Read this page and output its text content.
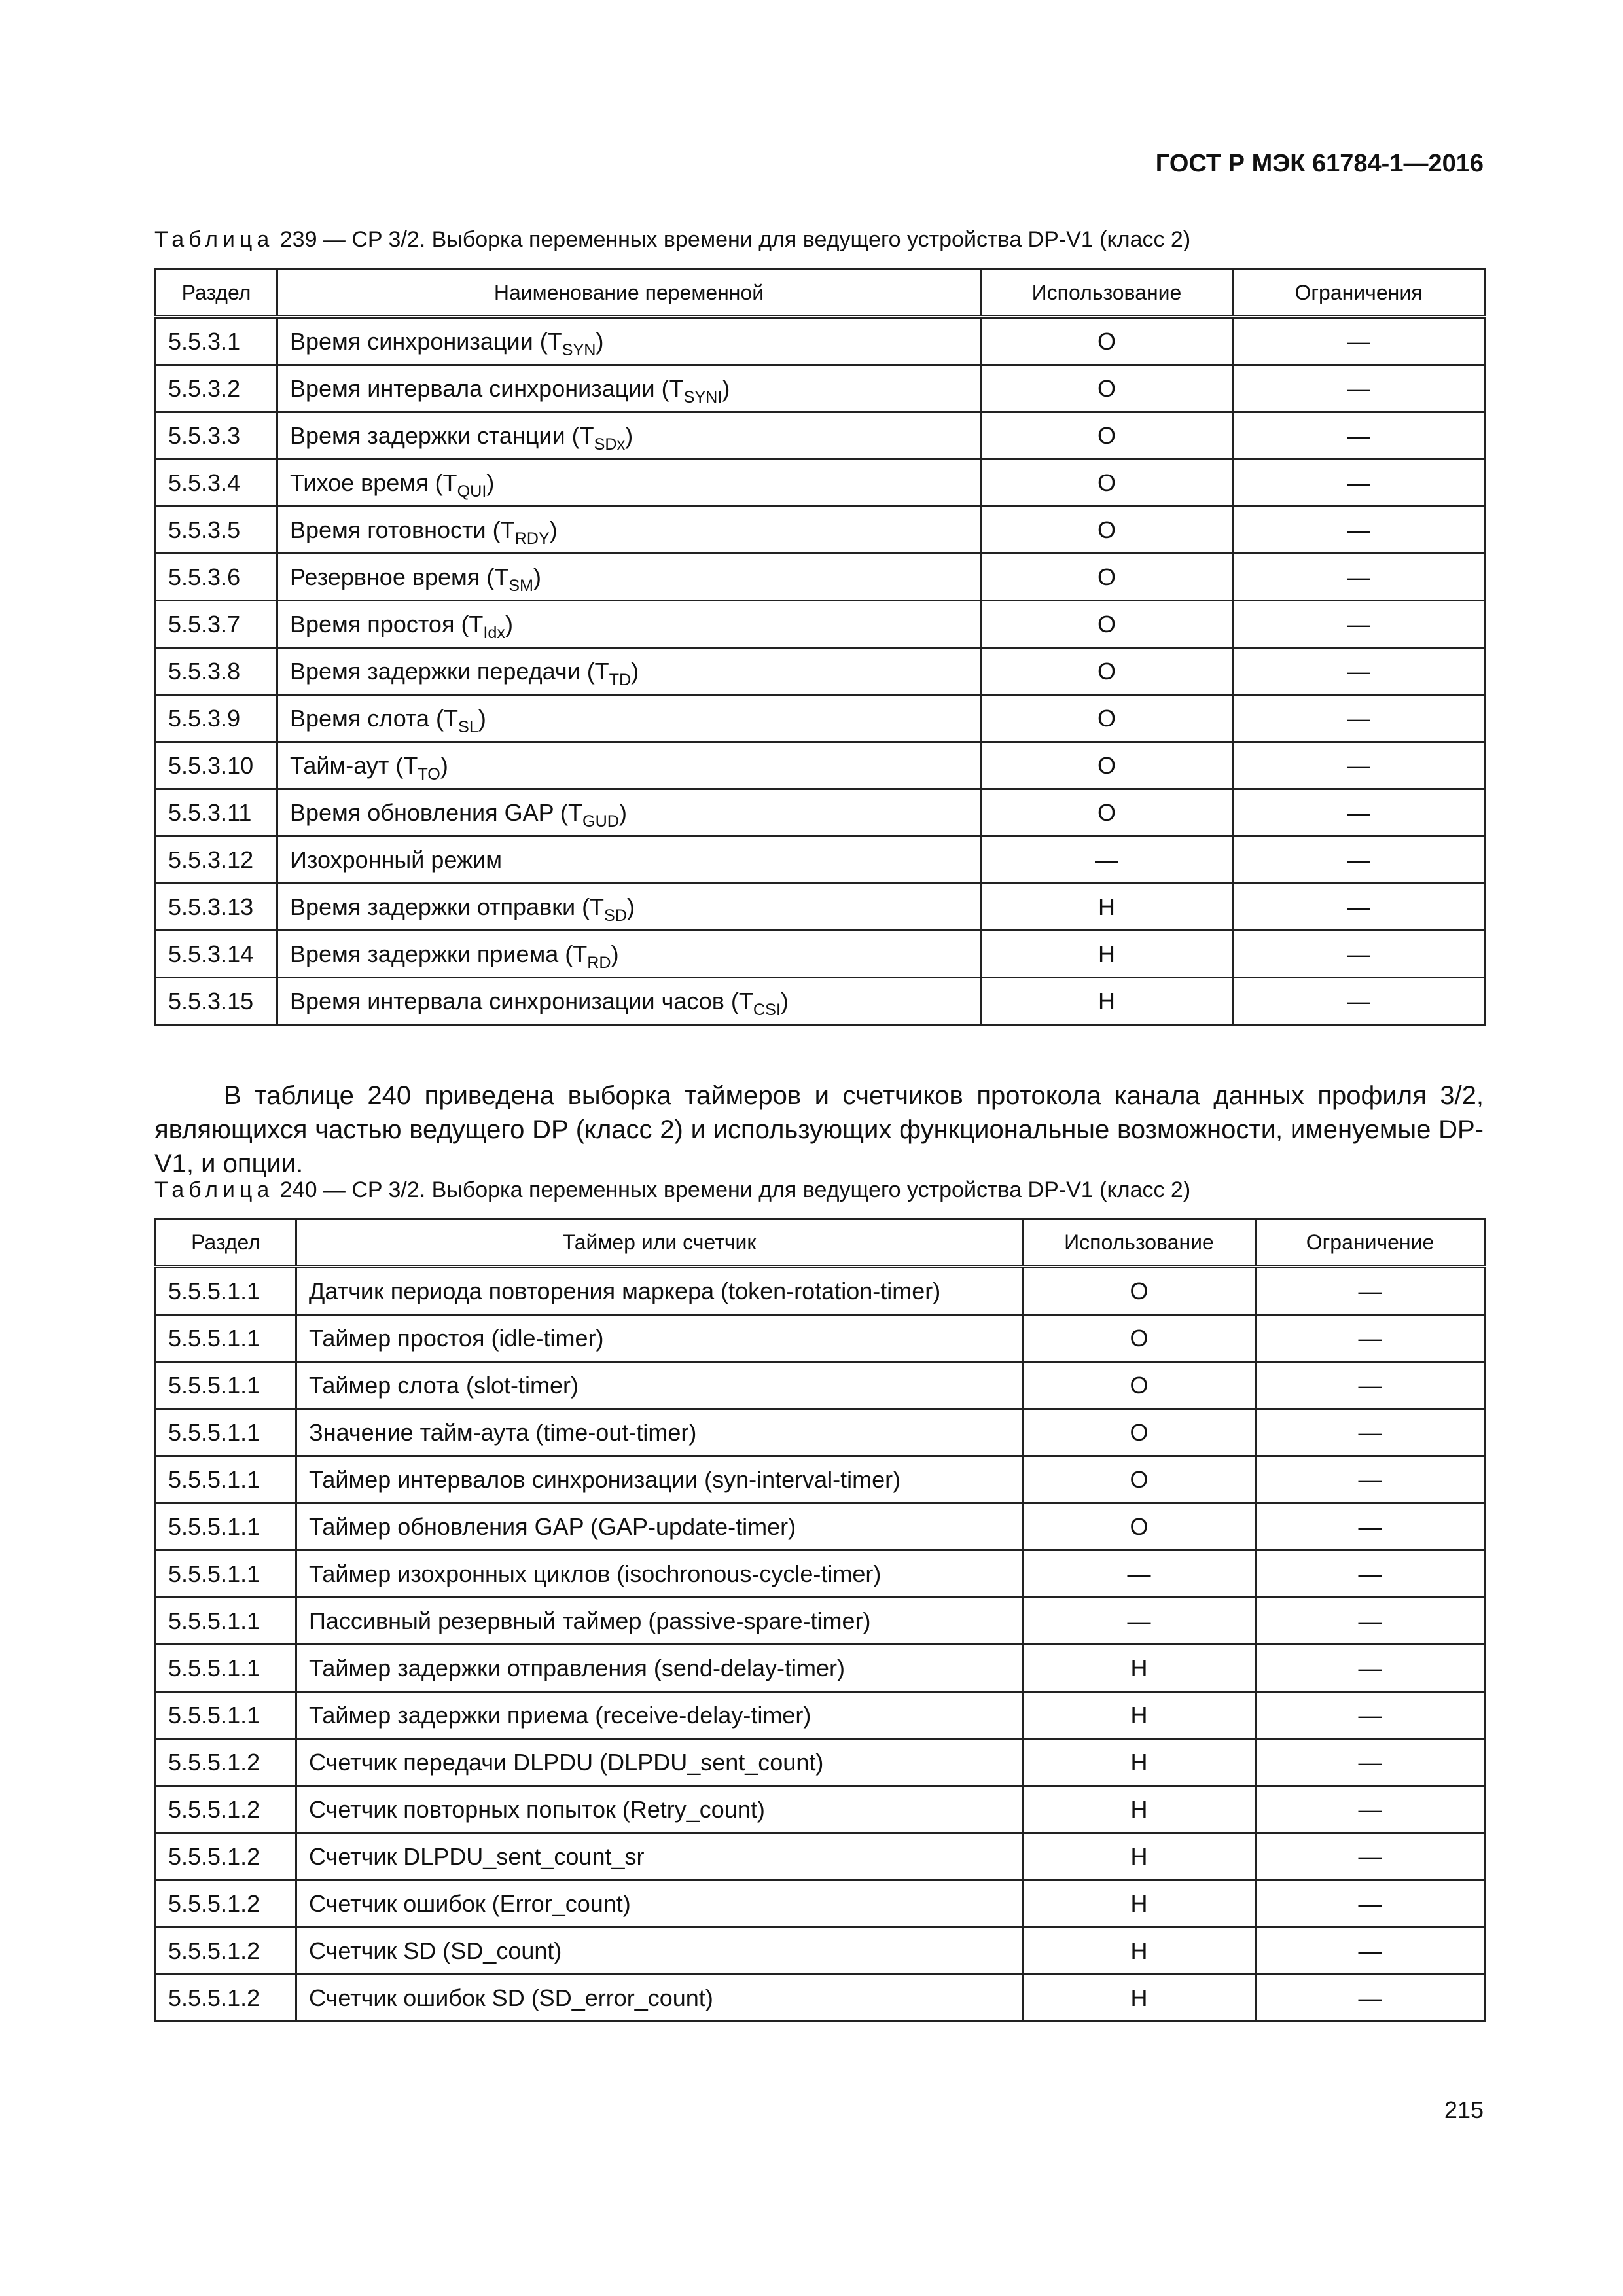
ГОСТ Р МЭК 61784-1—2016
Таблица 239 — CP 3/2. Выборка переменных времени для ведущего устройства DP-V1 (класс 2)
Раздел	Наименование переменной	Использование	Ограничения
5.5.3.1	Время синхронизации $(T_{SYN})$	O	—
5.5.3.2	Время интервала синхронизации $(T_{SYNI})$	O	—
5.5.3.3	Время задержки станции $(T_{SDx})$	O	—
5.5.3.4	Тихое время $(T_{QUI})$	O	—
5.5.3.5	Время готовности $(T_{RDY})$	O	—
5.5.3.6	Резервное время $(T_{SM})$	O	—
5.5.3.7	Время простоя $(T_{Idx})$	O	—
5.5.3.8	Время задержки передачи $(T_{TD})$	O	—
5.5.3.9	Время слота $(T_{SL})$	O	—
5.5.3.10	Тайм-аут $(T_{TO})$	O	—
5.5.3.11	Время обновления GAP $(T_{GUD})$	O	—
5.5.3.12	Изохронный режим	—	—
5.5.3.13	Время задержки отправки $(T_{SD})$	H	—
5.5.3.14	Время задержки приема $(T_{RD})$	H	—
5.5.3.15	Время интервала синхронизации часов $(T_{CSI})$	H	—

В таблице 240 приведена выборка таймеров и счетчиков протокола канала данных профиля 3/2, являющихся частью ведущего DP (класс 2) и использующих функциональные возможности, именуемые DP-V1, и опции.

Таблица 240 — CP 3/2. Выборка переменных времени для ведущего устройства DP-V1 (класс 2)
Раздел	Таймер или счетчик	Использование	Ограничение
5.5.5.1.1	Датчик периода повторения маркера (token-rotation-timer)	O	—
5.5.5.1.1	Таймер простоя (idle-timer)	O	—
5.5.5.1.1	Таймер слота (slot-timer)	O	—
5.5.5.1.1	Значение тайм-аута (time-out-timer)	O	—
5.5.5.1.1	Таймер интервалов синхронизации (syn-interval-timer)	O	—
5.5.5.1.1	Таймер обновления GAP (GAP-update-timer)	O	—
5.5.5.1.1	Таймер изохронных циклов (isochronous-cycle-timer)	—	—
5.5.5.1.1	Пассивный резервный таймер (passive-spare-timer)	—	—
5.5.5.1.1	Таймер задержки отправления (send-delay-timer)	H	—
5.5.5.1.1	Таймер задержки приема (receive-delay-timer)	H	—
5.5.5.1.2	Счетчик передачи DLPDU (DLPDU_sent_count)	H	—
5.5.5.1.2	Счетчик повторных попыток (Retry_count)	H	—
5.5.5.1.2	Счетчик DLPDU_sent_count_sr	H	—
5.5.5.1.2	Счетчик ошибок (Error_count)	H	—
5.5.5.1.2	Счетчик SD (SD_count)	H	—
5.5.5.1.2	Счетчик ошибок SD (SD_error_count)	H	—
215
